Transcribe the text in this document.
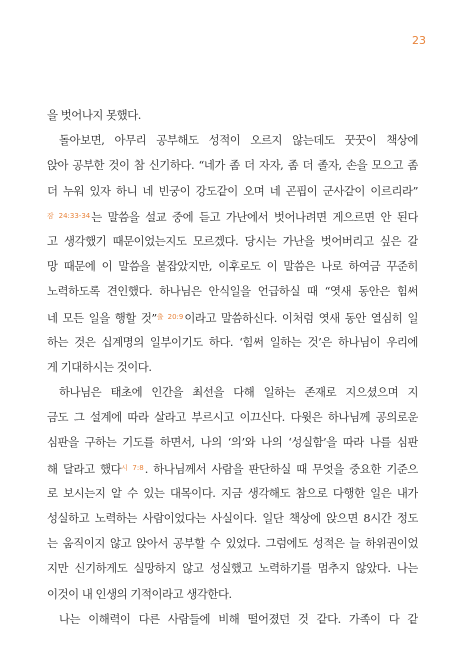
23
을 벗어나지 못했다.
돌아보면, 아무리 공부해도 성적이 오르지 않는데도 꿋꿋이 책상에
앉아 공부한 것이 참 신기하다. “네가 좀 더 자자, 좀 더 졸자, 손을 모으고 좀
더 누워 있자 하니 네 빈궁이 강도같이 오며 네 곤핍이 군사같이 이르리라”
$^{잠 24:33-34}$는 말씀을 설교 중에 듣고 가난에서 벗어나려면 게으르면 안 된다
고 생각했기 때문이었는지도 모르겠다. 당시는 가난을 벗어버리고 싶은 갈
망 때문에 이 말씀을 붙잡았지만, 이후로도 이 말씀은 나로 하여금 꾸준히
노력하도록 견인했다. 하나님은 안식일을 언급하실 때 “엿새 동안은 힘써
네 모든 일을 행할 것”$^{출 20:9}$이라고 말씀하신다. 이처럼 엿새 동안 열심히 일
하는 것은 십계명의 일부이기도 하다. ‘힘써 일하는 것’은 하나님이 우리에
게 기대하시는 것이다.
하나님은 태초에 인간을 최선을 다해 일하는 존재로 지으셨으며 지
금도 그 설계에 따라 살라고 부르시고 이끄신다. 다윗은 하나님께 공의로운
심판을 구하는 기도를 하면서, 나의 ‘의’와 나의 ‘성실함’을 따라 나를 심판
해 달라고 했다$^{시 7:8}$. 하나님께서 사람을 판단하실 때 무엇을 중요한 기준으
로 보시는지 알 수 있는 대목이다. 지금 생각해도 참으로 다행한 일은 내가
성실하고 노력하는 사람이었다는 사실이다. 일단 책상에 앉으면 8시간 정도
는 움직이지 않고 앉아서 공부할 수 있었다. 그럼에도 성적은 늘 하위권이었
지만 신기하게도 실망하지 않고 성실했고 노력하기를 멈추지 않았다. 나는
이것이 내 인생의 기적이라고 생각한다.
나는 이해력이 다른 사람들에 비해 떨어졌던 것 같다. 가족이 다 같
